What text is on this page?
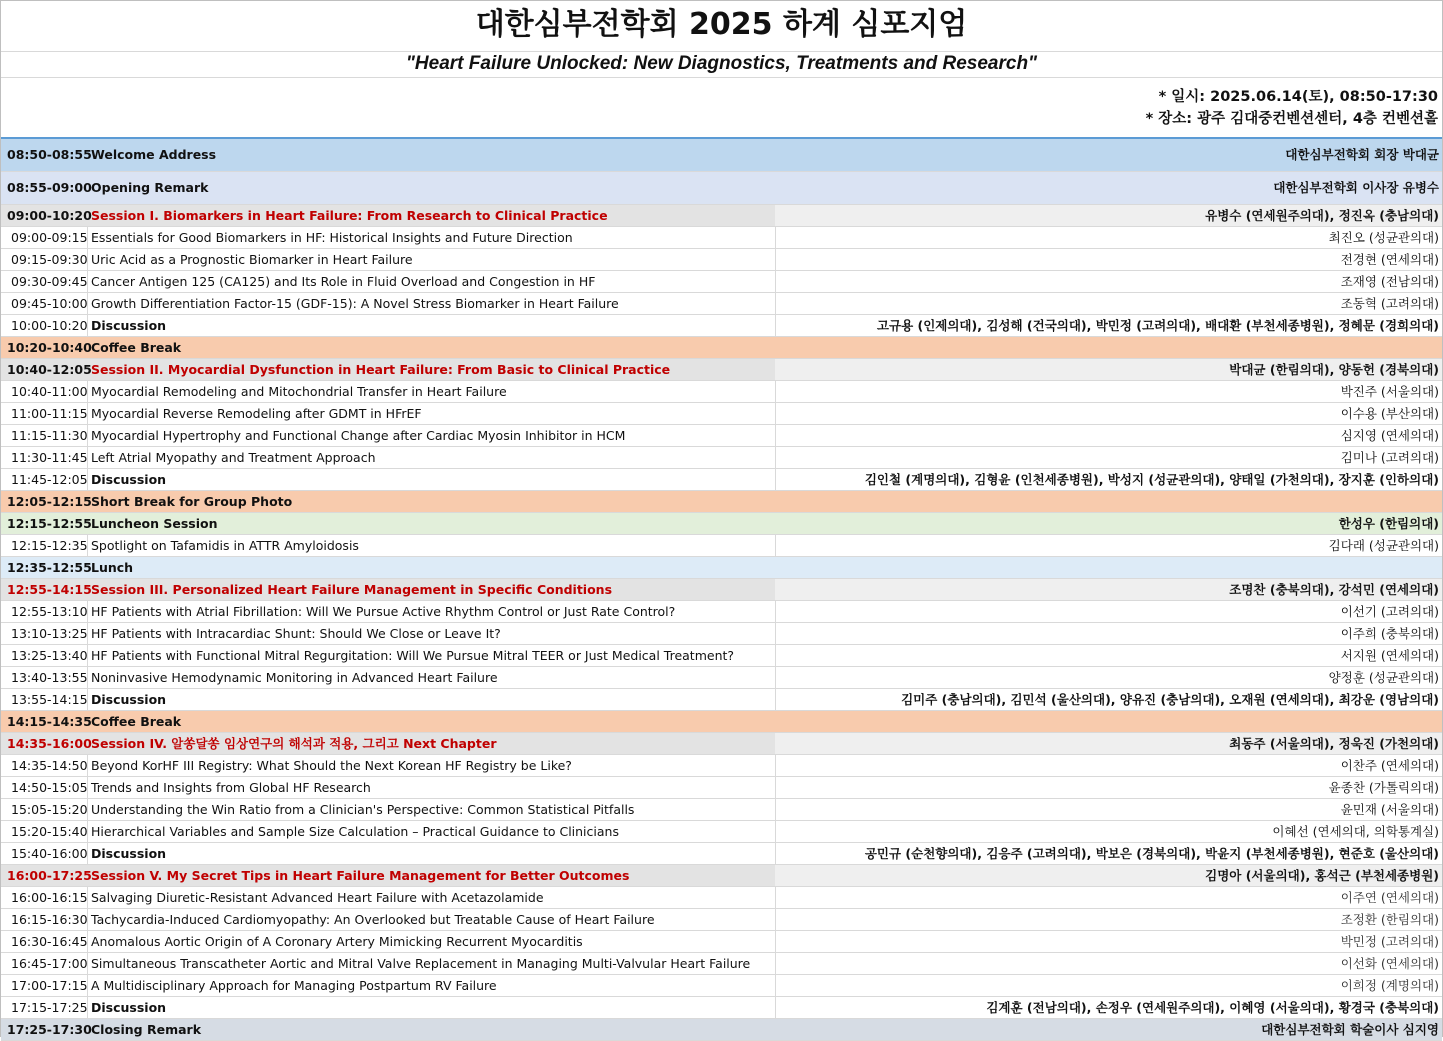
대한심부전학회 2025 하계 심포지엄
"Heart Failure Unlocked: New Diagnostics, Treatments and Research"
* 일시: 2025.06.14(토), 08:50-17:30
* 장소: 광주 김대중컨벤션센터, 4층 컨벤션홀
08:50-08:55 Welcome Address	대한심부전학회 회장 박대균
08:55-09:00 Opening Remark	대한심부전학회 이사장 유병수
09:00-10:20 Session I. Biomarkers in Heart Failure: From Research to Clinical Practice	유병수 (연세원주의대), 정진옥 (충남의대)
09:00-09:15 Essentials for Good Biomarkers in HF: Historical Insights and Future Direction	최진오 (성균관의대)
09:15-09:30 Uric Acid as a Prognostic Biomarker in Heart Failure	전경현 (연세의대)
09:30-09:45 Cancer Antigen 125 (CA125) and Its Role in Fluid Overload and Congestion in HF	조재영 (전남의대)
09:45-10:00 Growth Differentiation Factor-15 (GDF-15): A Novel Stress Biomarker in Heart Failure	조동혁 (고려의대)
10:00-10:20 Discussion	고규용 (인제의대), 김성해 (건국의대), 박민정 (고려의대), 배대환 (부천세종병원), 정혜문 (경희의대)
10:20-10:40 Coffee Break
10:40-12:05 Session II. Myocardial Dysfunction in Heart Failure: From Basic to Clinical Practice	박대균 (한림의대), 양동헌 (경북의대)
10:40-11:00 Myocardial Remodeling and Mitochondrial Transfer in Heart Failure	박진주 (서울의대)
11:00-11:15 Myocardial Reverse Remodeling after GDMT in HFrEF	이수용 (부산의대)
11:15-11:30 Myocardial Hypertrophy and Functional Change after Cardiac Myosin Inhibitor in HCM	심지영 (연세의대)
11:30-11:45 Left Atrial Myopathy and Treatment Approach	김미나 (고려의대)
11:45-12:05 Discussion	김인철 (계명의대), 김형윤 (인천세종병원), 박성지 (성균관의대), 양태일 (가천의대), 장지훈 (인하의대)
12:05-12:15 Short Break for Group Photo
12:15-12:55 Luncheon Session	한성우 (한림의대)
12:15-12:35 Spotlight on Tafamidis in ATTR Amyloidosis	김다래 (성균관의대)
12:35-12:55 Lunch
12:55-14:15 Session III. Personalized Heart Failure Management in Specific Conditions	조명찬 (충북의대), 강석민 (연세의대)
12:55-13:10 HF Patients with Atrial Fibrillation: Will We Pursue Active Rhythm Control or Just Rate Control?	이선기 (고려의대)
13:10-13:25 HF Patients with Intracardiac Shunt: Should We Close or Leave It?	이주희 (충북의대)
13:25-13:40 HF Patients with Functional Mitral Regurgitation: Will We Pursue Mitral TEER or Just Medical Treatment?	서지원 (연세의대)
13:40-13:55 Noninvasive Hemodynamic Monitoring in Advanced Heart Failure	양정훈 (성균관의대)
13:55-14:15 Discussion	김미주 (충남의대), 김민석 (울산의대), 양유진 (충남의대), 오재원 (연세의대), 최강운 (영남의대)
14:15-14:35 Coffee Break
14:35-16:00 Session IV. 알쏭달쏭 임상연구의 해석과 적용, 그리고 Next Chapter	최동주 (서울의대), 정욱진 (가천의대)
14:35-14:50 Beyond KorHF III Registry: What Should the Next Korean HF Registry be Like?	이찬주 (연세의대)
14:50-15:05 Trends and Insights from Global HF Research	윤종찬 (가톨릭의대)
15:05-15:20 Understanding the Win Ratio from a Clinician's Perspective: Common Statistical Pitfalls	윤민재 (서울의대)
15:20-15:40 Hierarchical Variables and Sample Size Calculation – Practical Guidance to Clinicians	이혜선 (연세의대, 의학통계실)
15:40-16:00 Discussion	공민규 (순천향의대), 김응주 (고려의대), 박보은 (경북의대), 박윤지 (부천세종병원), 현준호 (울산의대)
16:00-17:25 Session V. My Secret Tips in Heart Failure Management for Better Outcomes	김명아 (서울의대), 홍석근 (부천세종병원)
16:00-16:15 Salvaging Diuretic-Resistant Advanced Heart Failure with Acetazolamide	이주연 (연세의대)
16:15-16:30 Tachycardia-Induced Cardiomyopathy: An Overlooked but Treatable Cause of Heart Failure	조정환 (한림의대)
16:30-16:45 Anomalous Aortic Origin of A Coronary Artery Mimicking Recurrent Myocarditis	박민정 (고려의대)
16:45-17:00 Simultaneous Transcatheter Aortic and Mitral Valve Replacement in Managing Multi-Valvular Heart Failure	이선화 (연세의대)
17:00-17:15 A Multidisciplinary Approach for Managing Postpartum RV Failure	이희정 (계명의대)
17:15-17:25 Discussion	김계훈 (전남의대), 손정우 (연세원주의대), 이혜영 (서울의대), 황경국 (충북의대)
17:25-17:30 Closing Remark	대한심부전학회 학술이사 심지영
